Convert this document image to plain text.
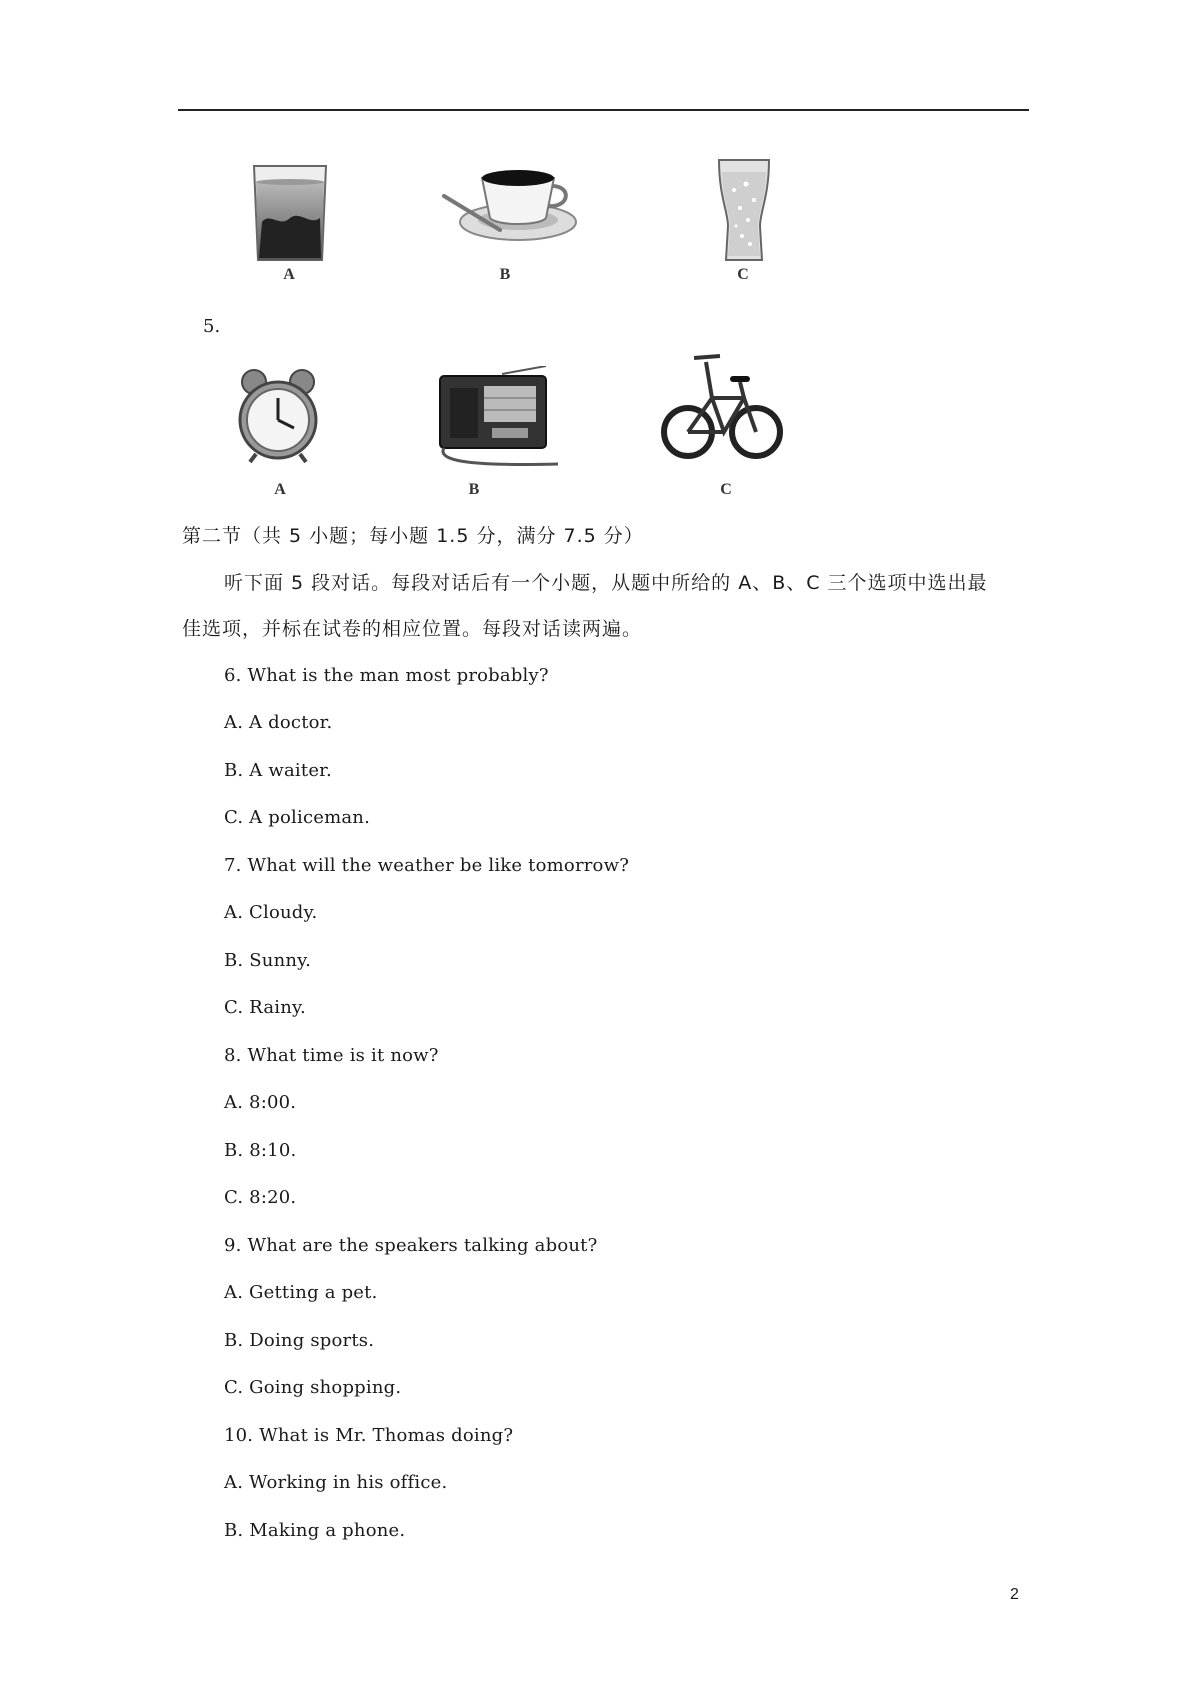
A	B	C
5.
A	B	C
第二节（共 5 小题；每小题 1.5 分，满分 7.5 分）
听下面 5 段对话。每段对话后有一个小题，从题中所给的 A、B、C 三个选项中选出最
佳选项，并标在试卷的相应位置。每段对话读两遍。
6. What is the man most probably?
A. A doctor.
B. A waiter.
C. A policeman.
7. What will the weather be like tomorrow?
A. Cloudy.
B. Sunny.
C. Rainy.
8. What time is it now?
A. 8:00.
B. 8:10.
C. 8:20.
9. What are the speakers talking about?
A. Getting a pet.
B. Doing sports.
C. Going shopping.
10. What is Mr. Thomas doing?
A. Working in his office.
B. Making a phone.
2
